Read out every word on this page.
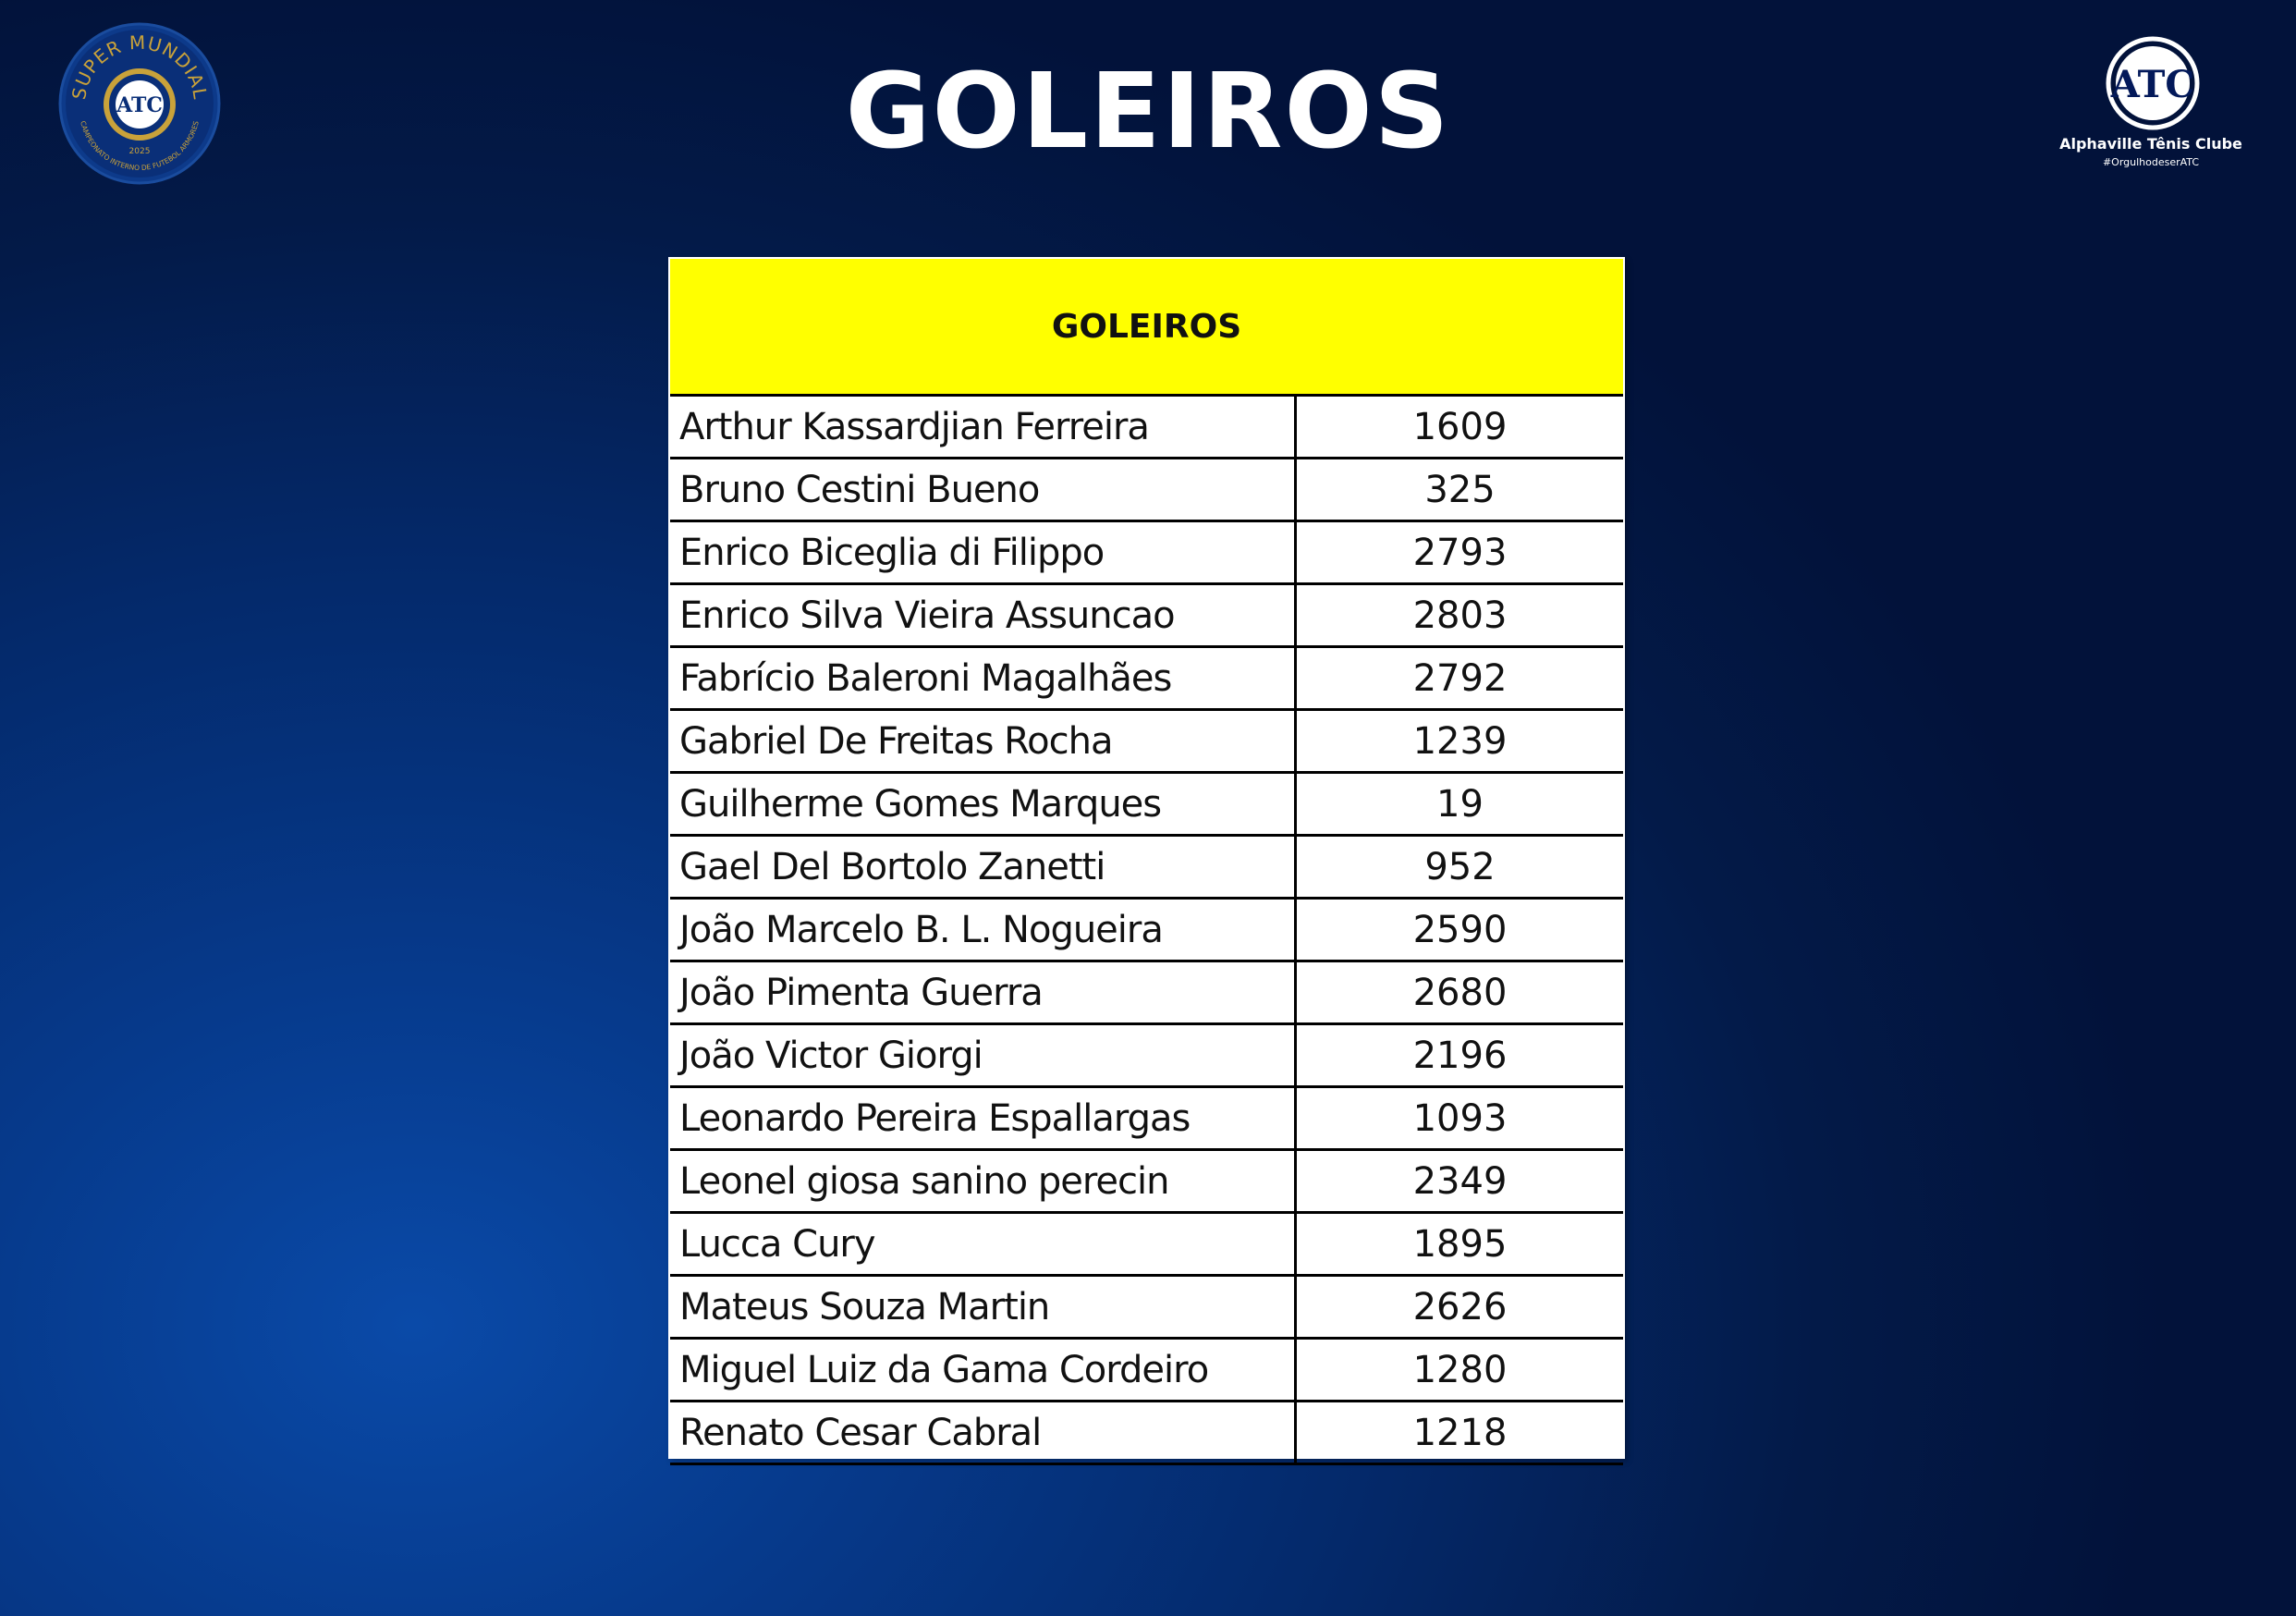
SUPER MUNDIAL
CAMPEONATO INTERNO DE FUTEBOL ARMORES
ATC
2025	GOLEIROS	ATC
Alphaville Tênis Clube
#OrgulhodeserATC
GOLEIROS
Arthur Kassardjian Ferreira	1609
Bruno Cestini Bueno	325
Enrico Biceglia di Filippo	2793
Enrico Silva Vieira Assuncao	2803
Fabrício Baleroni Magalhães	2792
Gabriel De Freitas Rocha	1239
Guilherme Gomes Marques	19
Gael Del Bortolo Zanetti	952
João Marcelo B. L. Nogueira	2590
João Pimenta Guerra	2680
João Victor Giorgi	2196
Leonardo Pereira Espallargas	1093
Leonel giosa sanino perecin	2349
Lucca Cury	1895
Mateus Souza Martin	2626
Miguel Luiz da Gama Cordeiro	1280
Renato Cesar Cabral	1218
